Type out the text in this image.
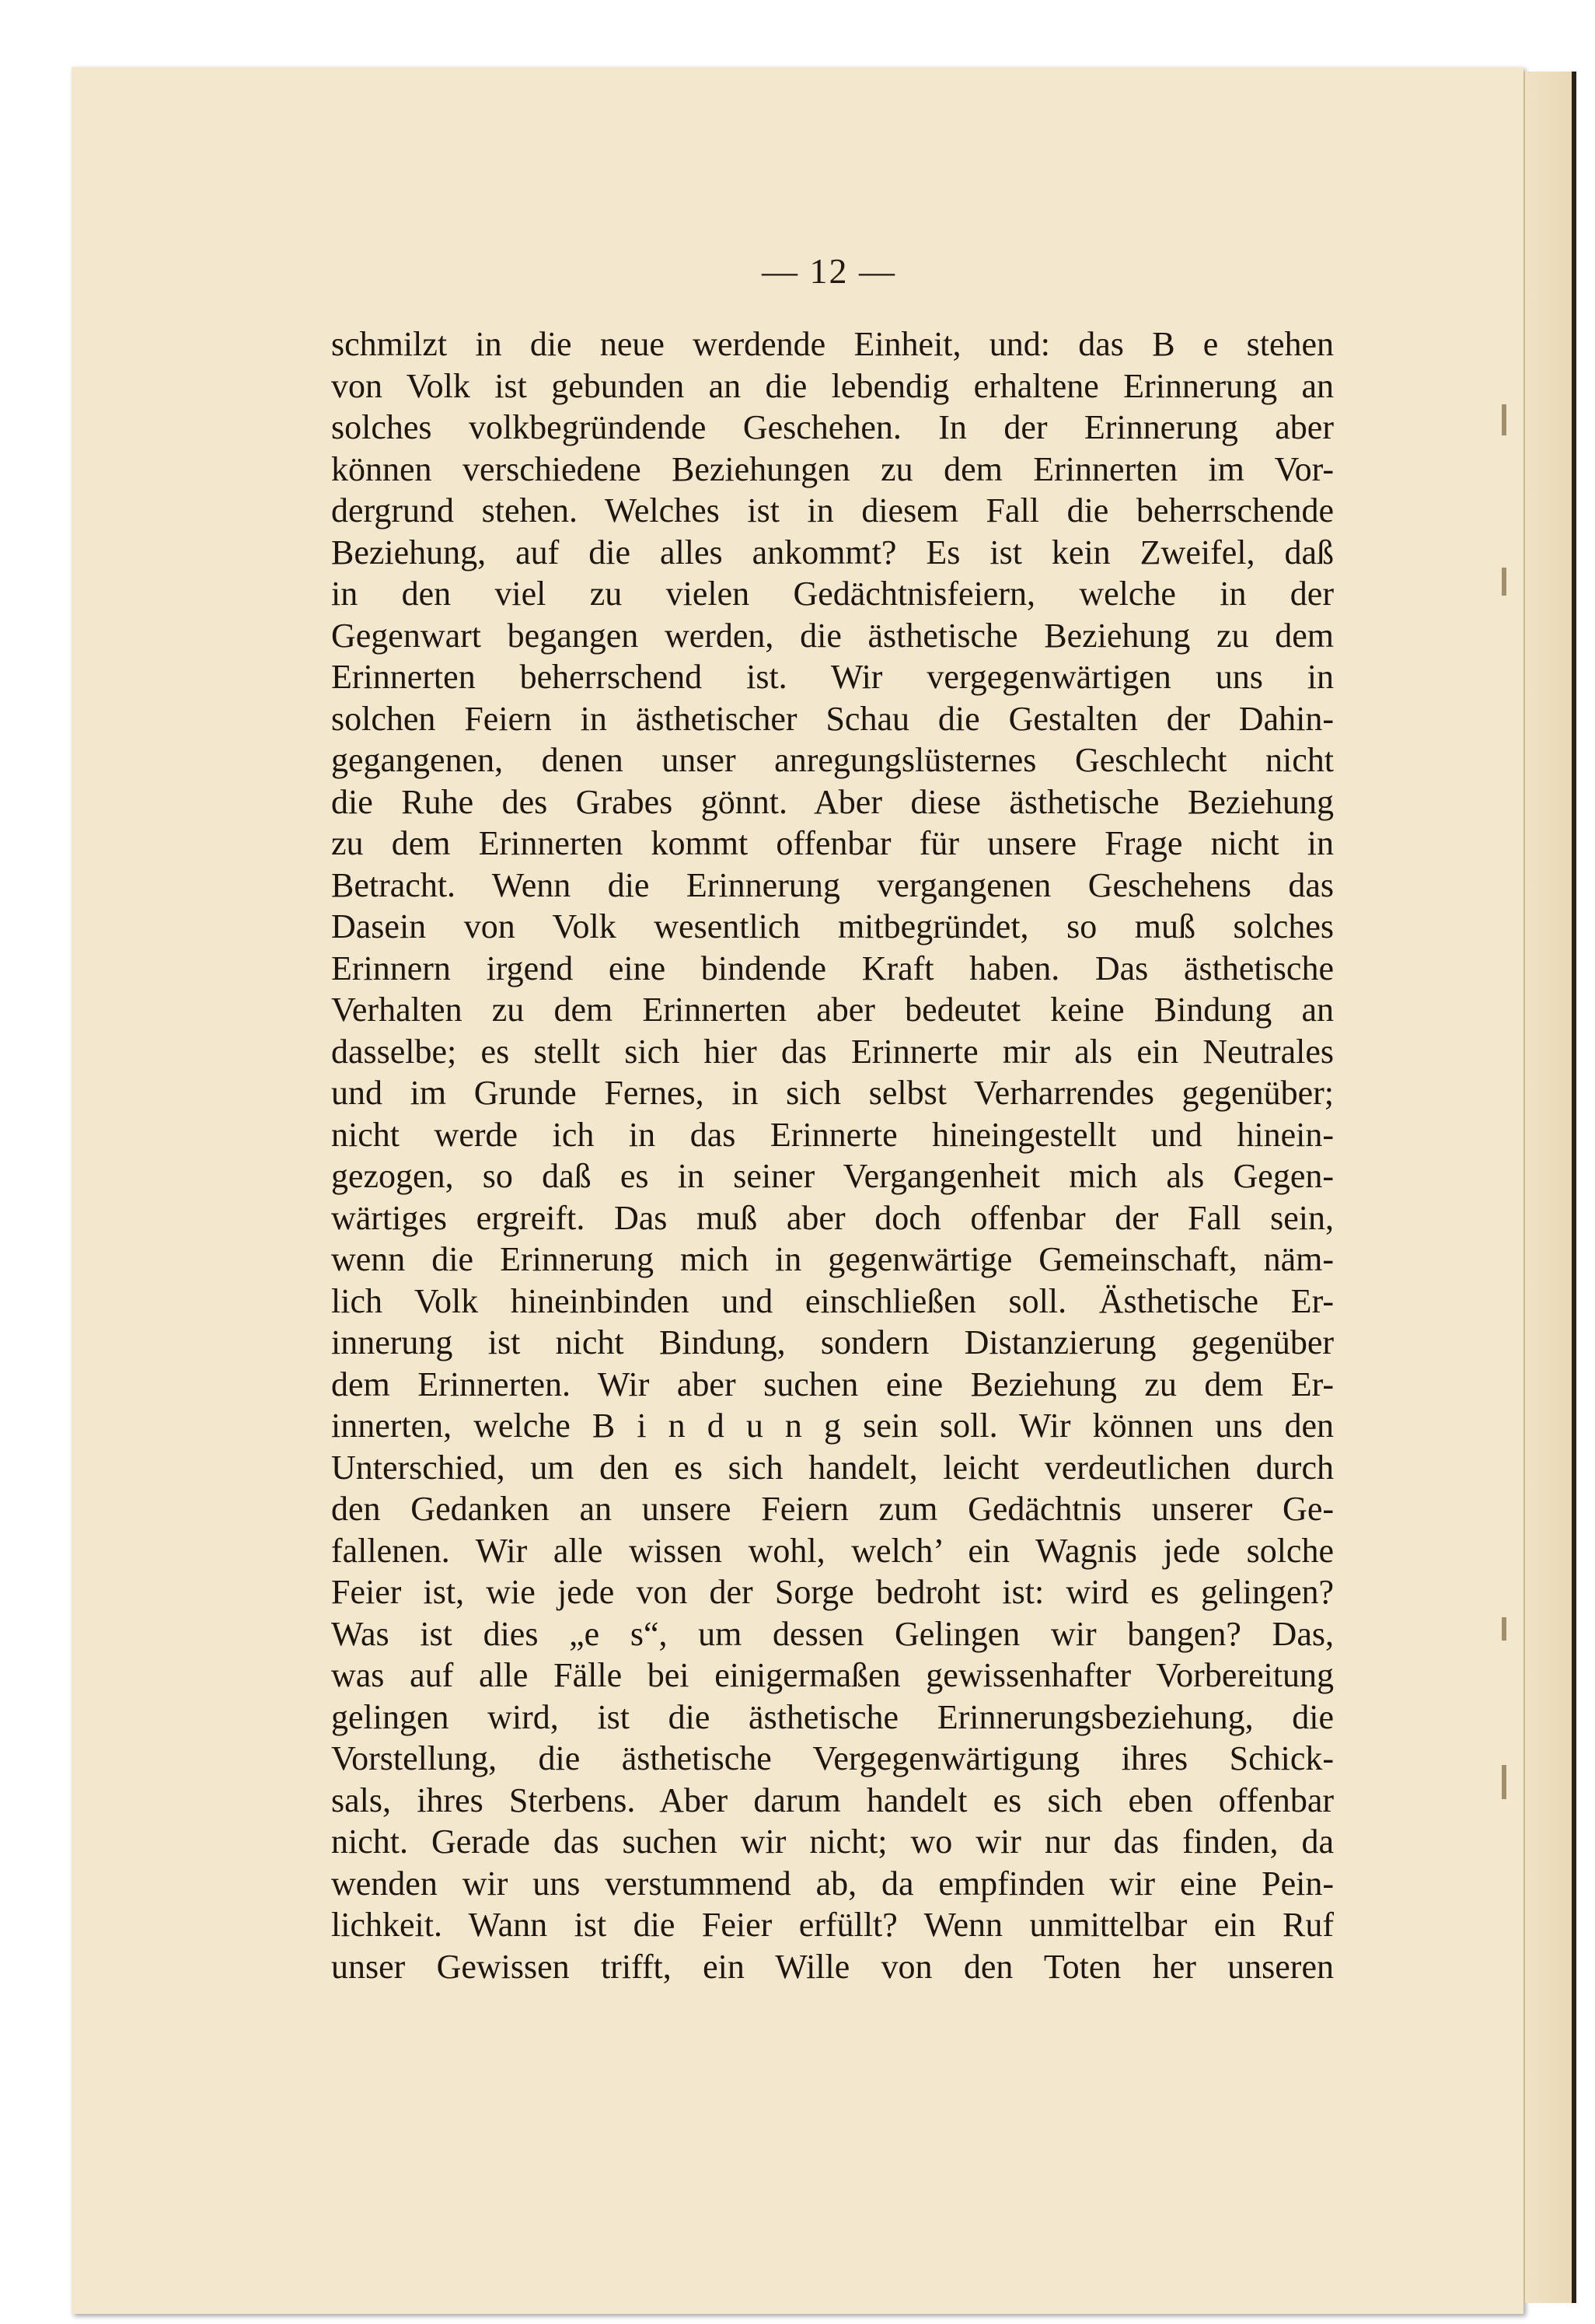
— 12 —
schmilzt in die neue werdende Einheit, und: das B e stehen
von Volk ist gebunden an die lebendig erhaltene Erinnerung an
solches volkbegründende Geschehen. In der Erinnerung aber
können verschiedene Beziehungen zu dem Erinnerten im Vor-
dergrund stehen. Welches ist in diesem Fall die beherrschende
Beziehung, auf die alles ankommt? Es ist kein Zweifel, daß
in den viel zu vielen Gedächtnisfeiern, welche in der
Gegenwart begangen werden, die ästhetische Beziehung zu dem
Erinnerten beherrschend ist. Wir vergegenwärtigen uns in
solchen Feiern in ästhetischer Schau die Gestalten der Dahin-
gegangenen, denen unser anregungslüsternes Geschlecht nicht
die Ruhe des Grabes gönnt. Aber diese ästhetische Beziehung
zu dem Erinnerten kommt offenbar für unsere Frage nicht in
Betracht. Wenn die Erinnerung vergangenen Geschehens das
Dasein von Volk wesentlich mitbegründet, so muß solches
Erinnern irgend eine bindende Kraft haben. Das ästhetische
Verhalten zu dem Erinnerten aber bedeutet keine Bindung an
dasselbe; es stellt sich hier das Erinnerte mir als ein Neutrales
und im Grunde Fernes, in sich selbst Verharrendes gegenüber;
nicht werde ich in das Erinnerte hineingestellt und hinein-
gezogen, so daß es in seiner Vergangenheit mich als Gegen-
wärtiges ergreift. Das muß aber doch offenbar der Fall sein,
wenn die Erinnerung mich in gegenwärtige Gemeinschaft, näm-
lich Volk hineinbinden und einschließen soll. Ästhetische Er-
innerung ist nicht Bindung, sondern Distanzierung gegenüber
dem Erinnerten. Wir aber suchen eine Beziehung zu dem Er-
innerten, welche B i n d u n g sein soll. Wir können uns den
Unterschied, um den es sich handelt, leicht verdeutlichen durch
den Gedanken an unsere Feiern zum Gedächtnis unserer Ge-
fallenen. Wir alle wissen wohl, welch’ ein Wagnis jede solche
Feier ist, wie jede von der Sorge bedroht ist: wird es gelingen?
Was ist dies „e s“, um dessen Gelingen wir bangen? Das,
was auf alle Fälle bei einigermaßen gewissenhafter Vorbereitung
gelingen wird, ist die ästhetische Erinnerungsbeziehung, die
Vorstellung, die ästhetische Vergegenwärtigung ihres Schick-
sals, ihres Sterbens. Aber darum handelt es sich eben offenbar
nicht. Gerade das suchen wir nicht; wo wir nur das finden, da
wenden wir uns verstummend ab, da empfinden wir eine Pein-
lichkeit. Wann ist die Feier erfüllt? Wenn unmittelbar ein Ruf
unser Gewissen trifft, ein Wille von den Toten her unseren
